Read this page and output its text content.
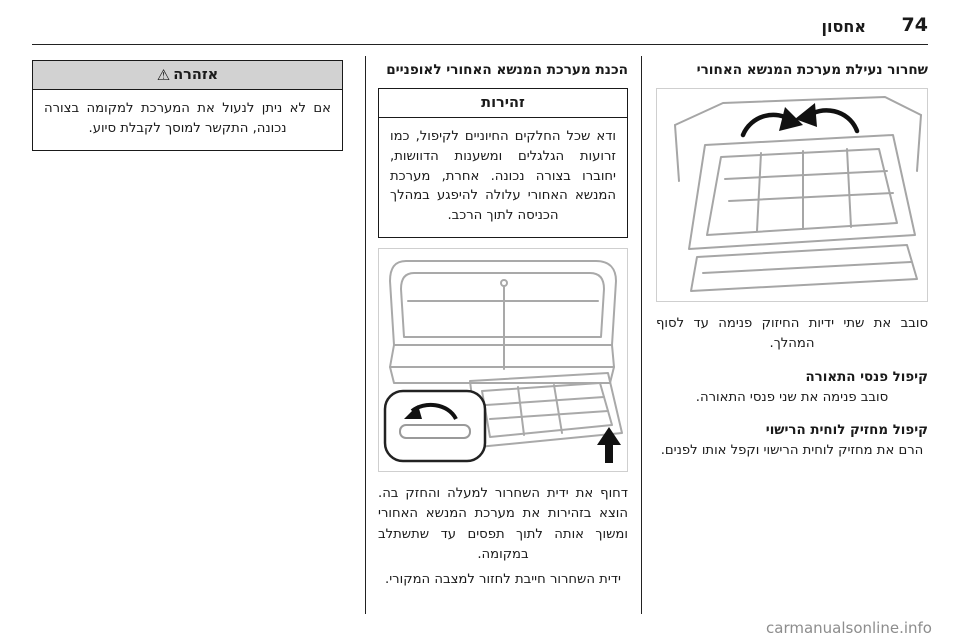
74
אחסון
שחרור נעילת מערכת המנשא האחורי

סובב את שתי ידיות החיזוק פנימה עד לסוף המהלך.

קיפול פנסי התאורה

סובב פנימה את שני פנסי התאורה.

קיפול מחזיק לוחית הרישוי

הרם את מחזיק לוחית הרישוי וקפל אותו לפנים.

הכנת מערכת המנשא האחורי לאופניים
זהירות
ודא שכל החלקים החיוניים לקיפול, כמו זרועות הגלגלים ומשענות הדוושות, יחוברו בצורה נכונה. אחרת, מערכת המנשא האחורי עלולה להיפגע במהלך הכניסה לתוך הרכב.

דחוף את ידית השחרור למעלה והחזק בה. הוצא בזהירות את מערכת המנשא האחורי ומשוך אותה לתוך תפסים עד שתשתלב במקומה.

ידית השחרור חייבת לחזור למצבה המקורי.

אזהרה
⚠
אם לא ניתן לנעול את המערכת למקומה בצורה נכונה, התקשר למוסך לקבלת סיוע.
carmanualsonline.info
